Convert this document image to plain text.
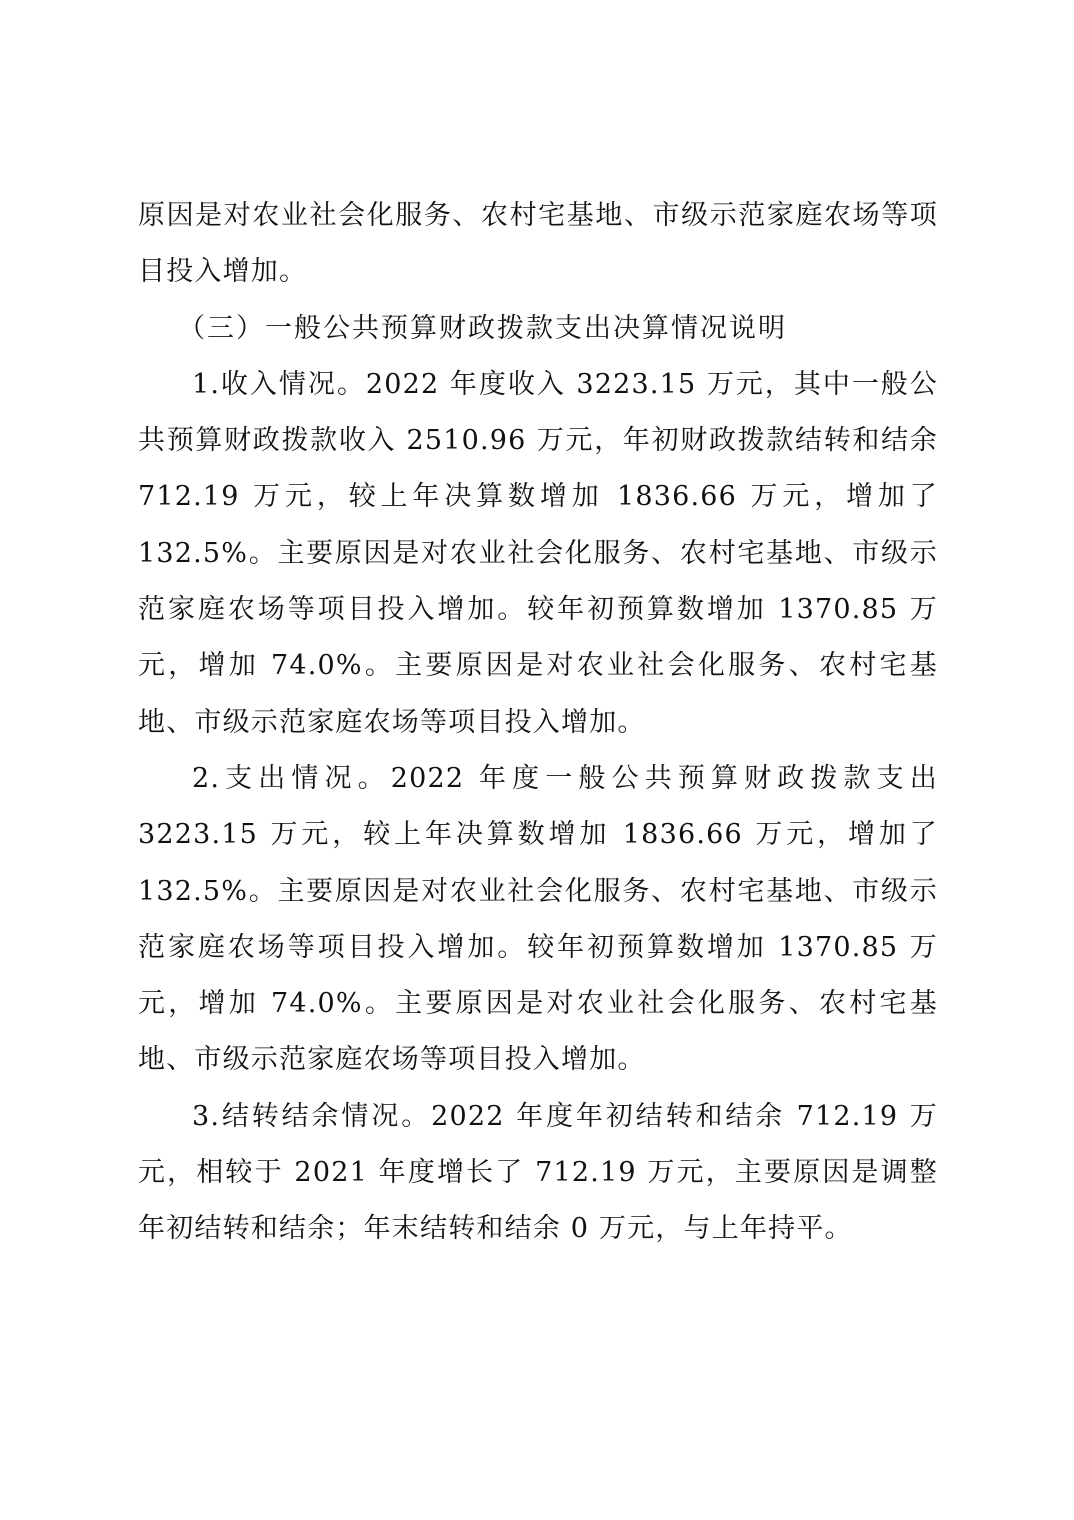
原因是对农业社会化服务、农村宅基地、市级示范家庭农场等项目投入增加。

（三）一般公共预算财政拨款支出决算情况说明

1.收入情况。2022 年度收入 3223.15 万元，其中一般公共预算财政拨款收入 2510.96 万元，年初财政拨款结转和结余 712.19 万元，较上年决算数增加 1836.66 万元，增加了 132.5%。主要原因是对农业社会化服务、农村宅基地、市级示范家庭农场等项目投入增加。较年初预算数增加 1370.85 万元，增加 74.0%。主要原因是对农业社会化服务、农村宅基地、市级示范家庭农场等项目投入增加。

2.支出情况。2022 年度一般公共预算财政拨款支出 3223.15 万元，较上年决算数增加 1836.66 万元，增加了 132.5%。主要原因是对农业社会化服务、农村宅基地、市级示范家庭农场等项目投入增加。较年初预算数增加 1370.85 万元，增加 74.0%。主要原因是对农业社会化服务、农村宅基地、市级示范家庭农场等项目投入增加。

3.结转结余情况。2022 年度年初结转和结余 712.19 万元，相较于 2021 年度增长了 712.19 万元，主要原因是调整年初结转和结余；年末结转和结余 0 万元，与上年持平。
